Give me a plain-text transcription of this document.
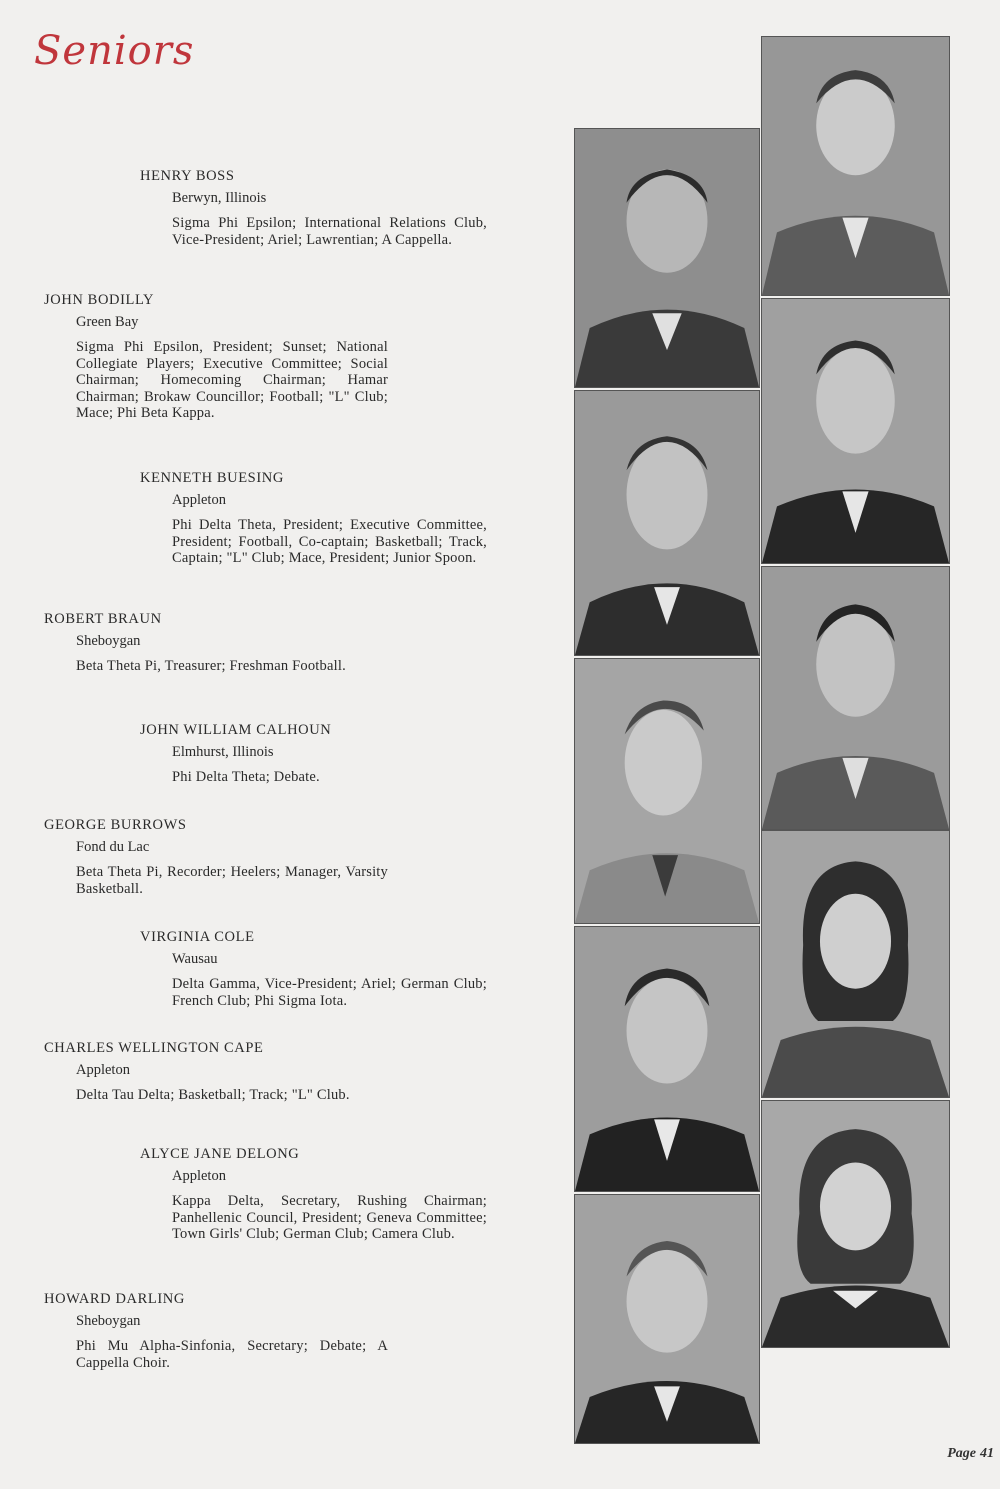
Seniors
HENRY BOSS
Berwyn, Illinois
Sigma Phi Epsilon; International Relations Club, Vice-President; Ariel; Lawrentian; A Cappella.
JOHN BODILLY
Green Bay
Sigma Phi Epsilon, President; Sunset; National Collegiate Players; Executive Committee; Social Chairman; Homecoming Chairman; Hamar Chairman; Brokaw Councillor; Football; "L" Club; Mace; Phi Beta Kappa.
KENNETH BUESING
Appleton
Phi Delta Theta, President; Executive Committee, President; Football, Co-captain; Basketball; Track, Captain; "L" Club; Mace, President; Junior Spoon.
ROBERT BRAUN
Sheboygan
Beta Theta Pi, Treasurer; Freshman Football.
JOHN WILLIAM CALHOUN
Elmhurst, Illinois
Phi Delta Theta; Debate.
GEORGE BURROWS
Fond du Lac
Beta Theta Pi, Recorder; Heelers; Manager, Varsity Basketball.
VIRGINIA COLE
Wausau
Delta Gamma, Vice-President; Ariel; German Club; French Club; Phi Sigma Iota.
CHARLES WELLINGTON CAPE
Appleton
Delta Tau Delta; Basketball; Track; "L" Club.
ALYCE JANE DELONG
Appleton
Kappa Delta, Secretary, Rushing Chairman; Panhellenic Council, President; Geneva Committee; Town Girls' Club; German Club; Camera Club.
HOWARD DARLING
Sheboygan
Phi Mu Alpha-Sinfonia, Secretary; Debate; A Cappella Choir.
Page 41
